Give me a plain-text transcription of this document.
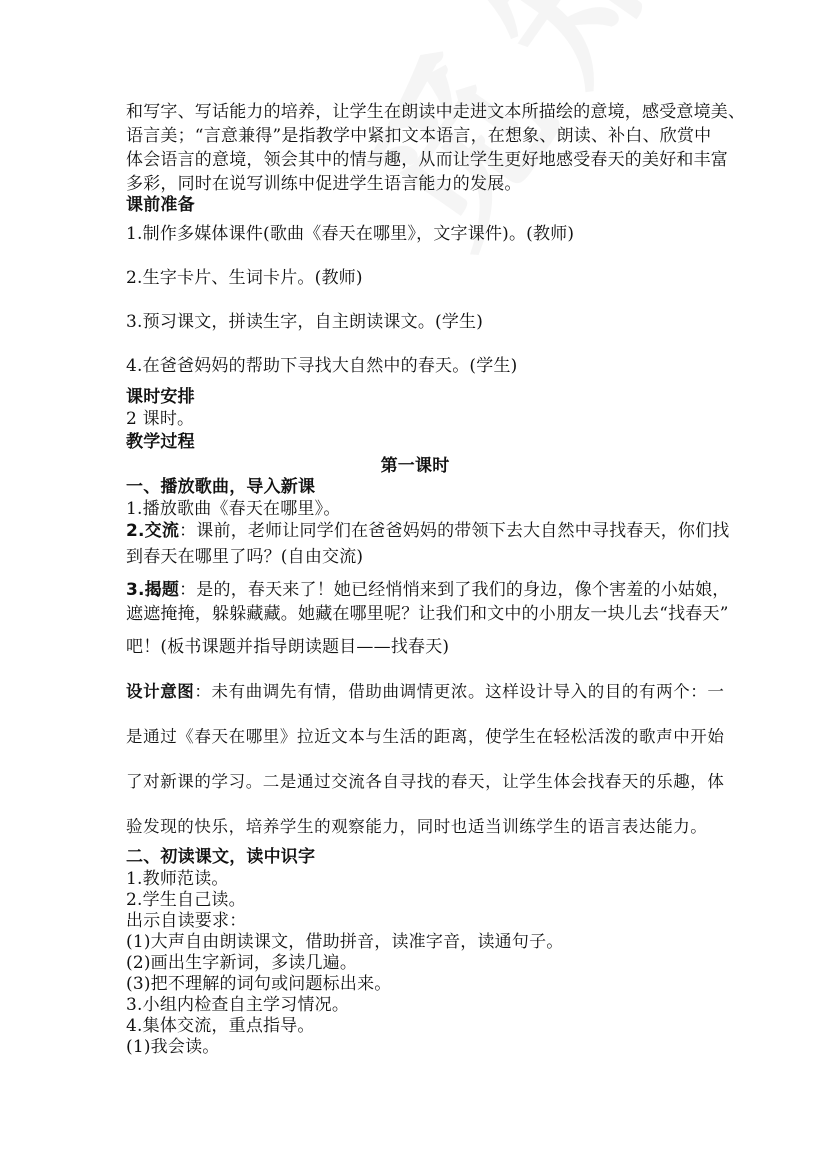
和写字、写话能力的培养，让学生在朗读中走进文本所描绘的意境，感受意境美、
语言美；“言意兼得”是指教学中紧扣文本语言，在想象、朗读、补白、欣赏中
体会语言的意境，领会其中的情与趣，从而让学生更好地感受春天的美好和丰富
多彩，同时在说写训练中促进学生语言能力的发展。
课前准备
1.制作多媒体课件(歌曲《春天在哪里》，文字课件)。(教师)
2.生字卡片、生词卡片。(教师)
3.预习课文，拼读生字，自主朗读课文。(学生)
4.在爸爸妈妈的帮助下寻找大自然中的春天。(学生)
课时安排
2 课时。
教学过程
第一课时
一、播放歌曲，导入新课
1.播放歌曲《春天在哪里》。
2.交流：课前，老师让同学们在爸爸妈妈的带领下去大自然中寻找春天，你们找
到春天在哪里了吗？(自由交流)
3.揭题：是的，春天来了！她已经悄悄来到了我们的身边，像个害羞的小姑娘，
遮遮掩掩，躲躲藏藏。她藏在哪里呢？让我们和文中的小朋友一块儿去“找春天”
吧！(板书课题并指导朗读题目——找春天)
设计意图：未有曲调先有情，借助曲调情更浓。这样设计导入的目的有两个：一
是通过《春天在哪里》拉近文本与生活的距离，使学生在轻松活泼的歌声中开始
了对新课的学习。二是通过交流各自寻找的春天，让学生体会找春天的乐趣，体
验发现的快乐，培养学生的观察能力，同时也适当训练学生的语言表达能力。
二、初读课文，读中识字
1.教师范读。
2.学生自己读。
出示自读要求：
(1)大声自由朗读课文，借助拼音，读准字音，读通句子。
(2)画出生字新词，多读几遍。
(3)把不理解的词句或问题标出来。
3.小组内检查自主学习情况。
4.集体交流，重点指导。
(1)我会读。
